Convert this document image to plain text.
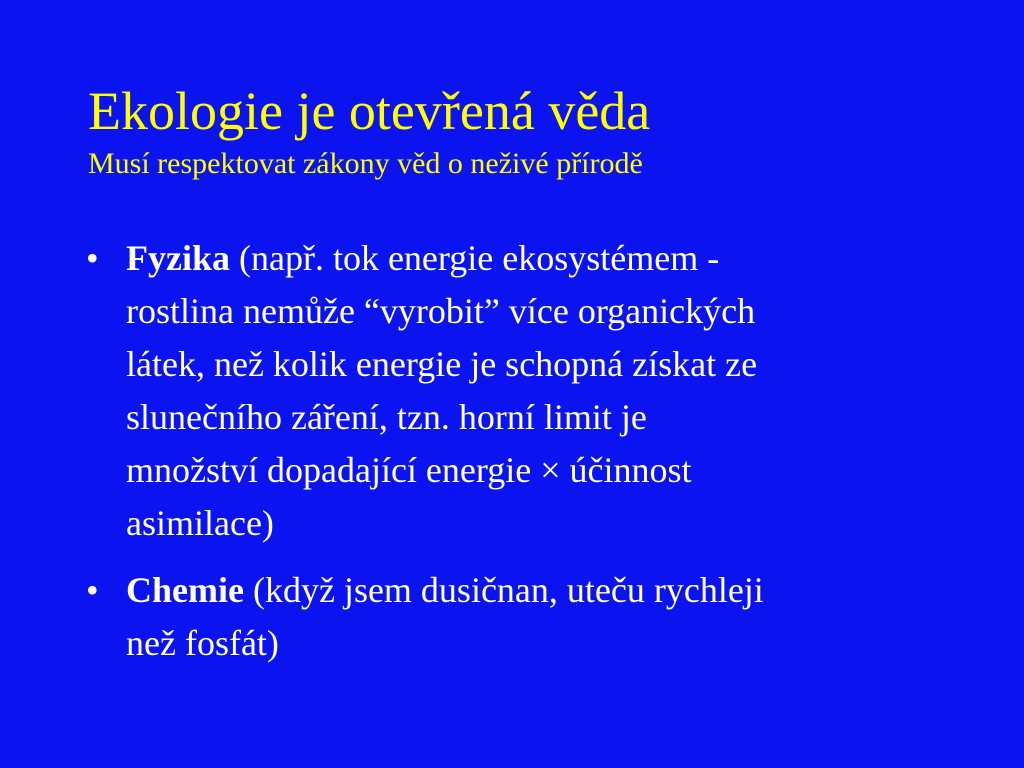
Ekologie je otevřená věda
Musí respektovat zákony věd o neživé přírodě
• Fyzika (např. tok energie ekosystémem -
rostlina nemůže “vyrobit” více organických
látek, než kolik energie je schopná získat ze
slunečního záření, tzn. horní limit je
množství dopadající energie × účinnost
asimilace)
• Chemie (když jsem dusičnan, uteču rychleji
než fosfát)
